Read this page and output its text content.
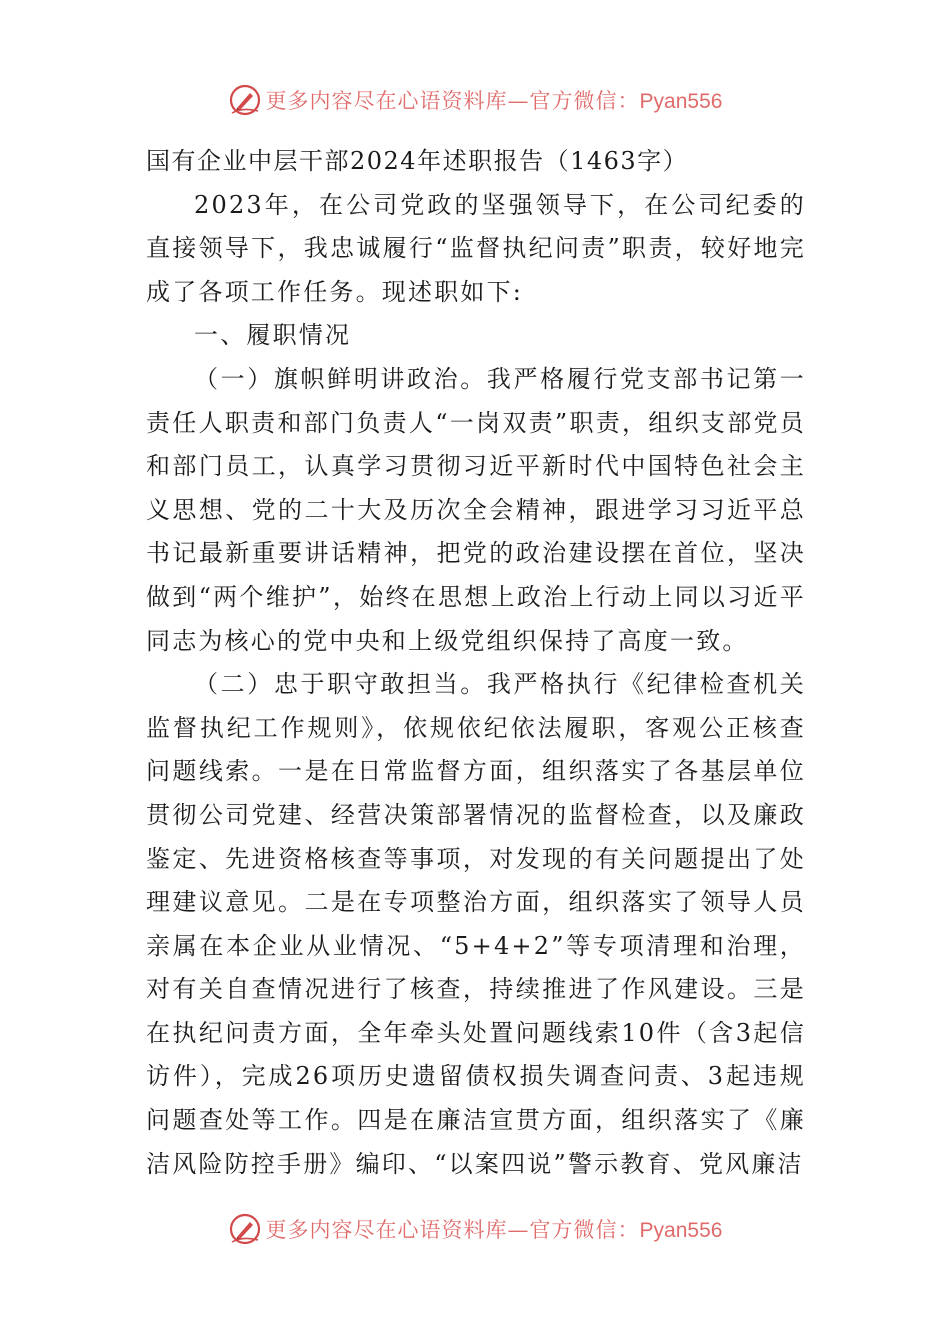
更多内容尽在心语资料库—官方微信：Pyan556

国有企业中层干部2024年述职报告（1463字）

2023年，在公司党政的坚强领导下，在公司纪委的直接领导下，我忠诚履行“监督执纪问责”职责，较好地完成了各项工作任务。现述职如下:

一、履职情况

（一）旗帜鲜明讲政治。我严格履行党支部书记第一责任人职责和部门负责人“一岗双责”职责，组织支部党员和部门员工，认真学习贯彻习近平新时代中国特色社会主义思想、党的二十大及历次全会精神，跟进学习习近平总书记最新重要讲话精神，把党的政治建设摆在首位，坚决做到“两个维护”，始终在思想上政治上行动上同以习近平同志为核心的党中央和上级党组织保持了高度一致。

（二）忠于职守敢担当。我严格执行《纪律检查机关监督执纪工作规则》，依规依纪依法履职，客观公正核查问题线索。一是在日常监督方面，组织落实了各基层单位贯彻公司党建、经营决策部署情况的监督检查，以及廉政鉴定、先进资格核查等事项，对发现的有关问题提出了处理建议意见。二是在专项整治方面，组织落实了领导人员亲属在本企业从业情况、“5+4+2”等专项清理和治理，对有关自查情况进行了核查，持续推进了作风建设。三是在执纪问责方面，全年牵头处置问题线索10件（含3起信访件），完成26项历史遗留债权损失调查问责、3起违规问题查处等工作。四是在廉洁宣贯方面，组织落实了《廉洁风险防控手册》编印、“以案四说”警示教育、党风廉洁

更多内容尽在心语资料库—官方微信：Pyan556
